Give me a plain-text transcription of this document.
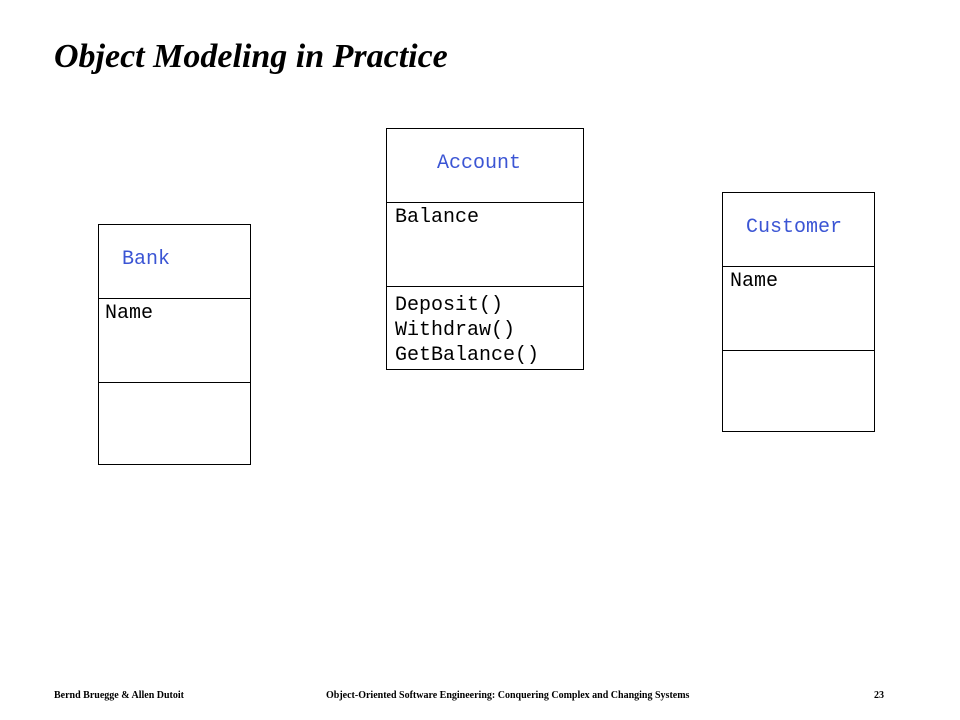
Object Modeling in Practice
Bank
Name
Account
Balance
Deposit()
Withdraw()
GetBalance()
Customer
Name
Bernd Bruegge & Allen Dutoit	Object-Oriented Software Engineering: Conquering Complex and Changing Systems	23
